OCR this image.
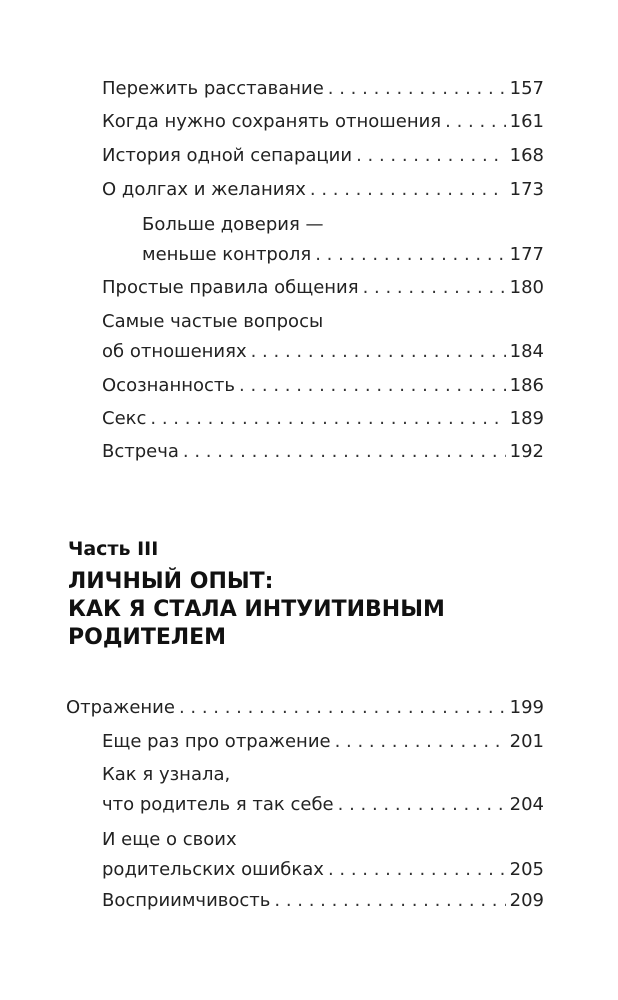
Пережить расставание . . .	157
Когда нужно сохранять отношения . . .	161
История одной сепарации . . .	168
О долгах и желаниях . . .	173
Больше доверия —
меньше контроля . . .	177
Простые правила общения . . .	180
Самые частые вопросы
об отношениях . . .	184
Осознанность . . .	186
Секс . . .	189
Встреча . . .	192
Часть III
ЛИЧНЫЙ ОПЫТ:
КАК Я СТАЛА ИНТУИТИВНЫМ
РОДИТЕЛЕМ
Отражение . . .	199
Еще раз про отражение . . .	201
Как я узнала,
что родитель я так себе . . .	204
И еще о своих
родительских ошибках . . .	205
Восприимчивость . . .	209
